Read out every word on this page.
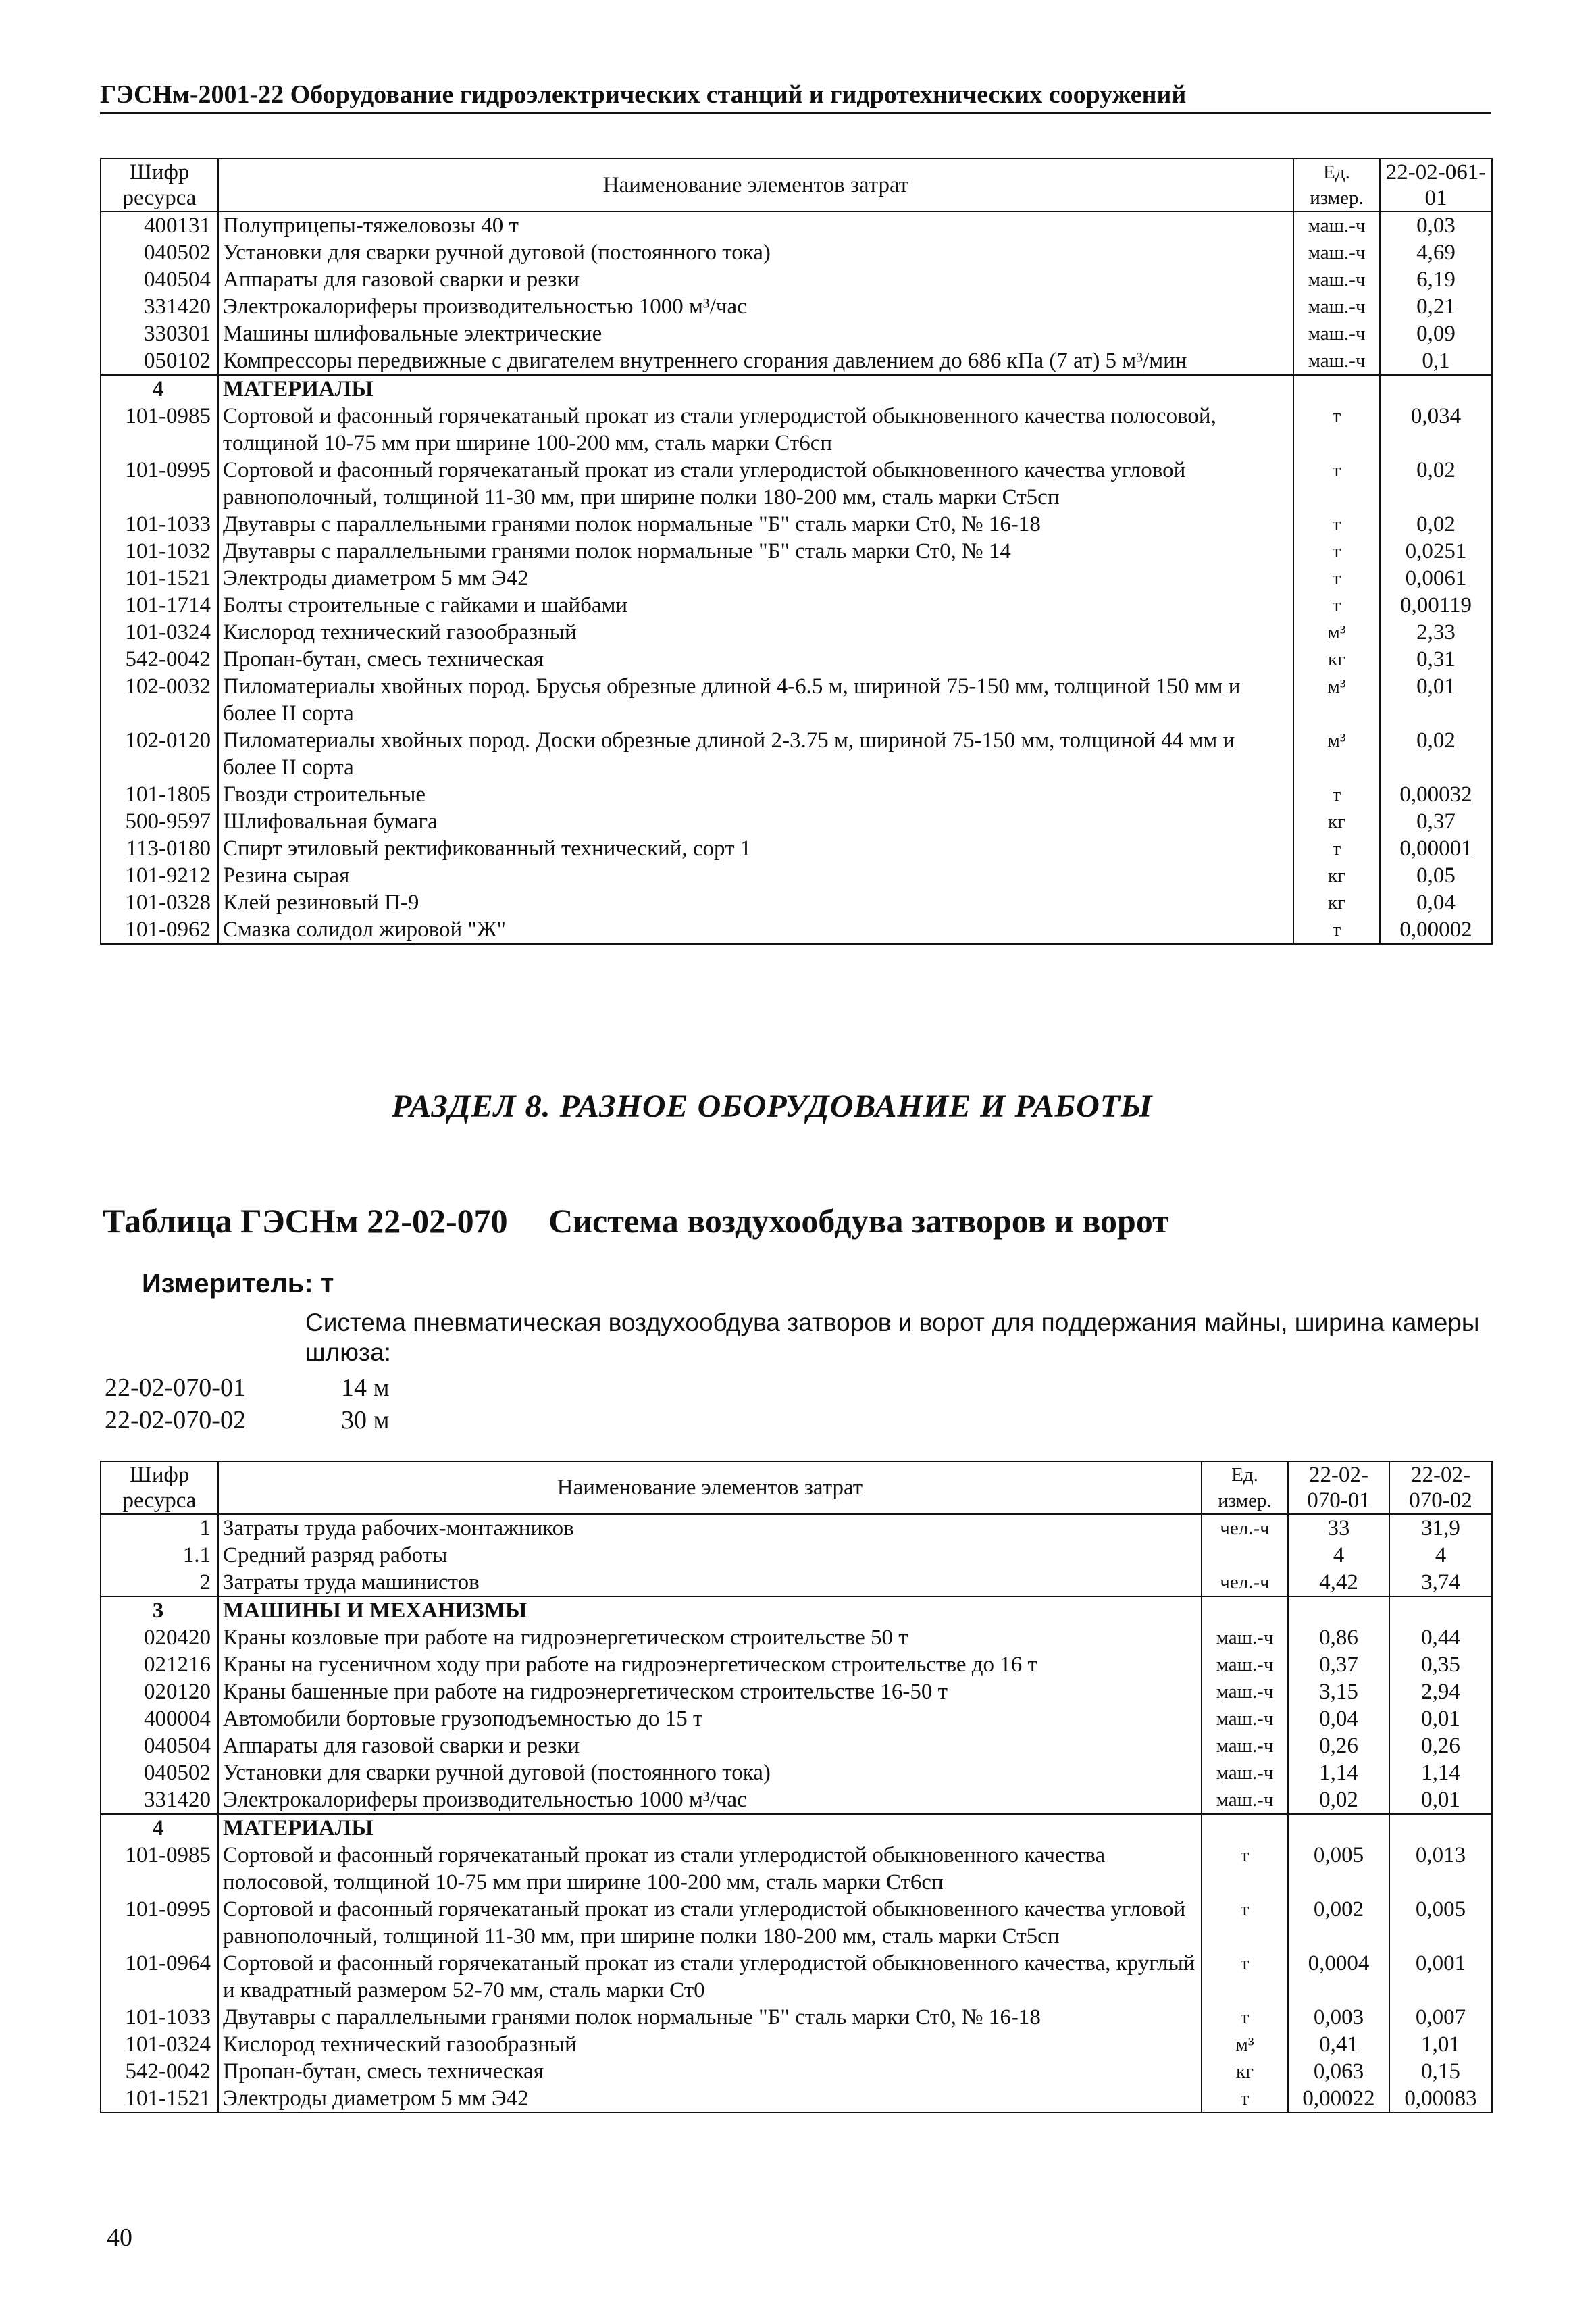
ГЭСНм-2001-22 Оборудование гидроэлектрических станций и гидротехнических сооружений
Шифр ресурса	Наименование элементов затрат	Ед. измер.	22-02-061-01
400131	Полуприцепы-тяжеловозы 40 т	маш.-ч	0,03
040502	Установки для сварки ручной дуговой (постоянного тока)	маш.-ч	4,69
040504	Аппараты для газовой сварки и резки	маш.-ч	6,19
331420	Электрокалориферы производительностью 1000 м³/час	маш.-ч	0,21
330301	Машины шлифовальные электрические	маш.-ч	0,09
050102	Компрессоры передвижные с двигателем внутреннего сгорания давлением до 686 кПа (7 ат) 5 м³/мин	маш.-ч	0,1
4	МАТЕРИАЛЫ		
101-0985	Сортовой и фасонный горячекатаный прокат из стали углеродистой обыкновенного качества полосовой, толщиной 10-75 мм при ширине 100-200 мм, сталь марки Ст6сп	т	0,034
101-0995	Сортовой и фасонный горячекатаный прокат из стали углеродистой обыкновенного качества угловой равнополочный, толщиной 11-30 мм, при ширине полки 180-200 мм, сталь марки Ст5сп	т	0,02
101-1033	Двутавры с параллельными гранями полок нормальные "Б" сталь марки Ст0, № 16-18	т	0,02
101-1032	Двутавры с параллельными гранями полок нормальные "Б" сталь марки Ст0, № 14	т	0,0251
101-1521	Электроды диаметром 5 мм Э42	т	0,0061
101-1714	Болты строительные с гайками и шайбами	т	0,00119
101-0324	Кислород технический газообразный	м³	2,33
542-0042	Пропан-бутан, смесь техническая	кг	0,31
102-0032	Пиломатериалы хвойных пород. Брусья обрезные длиной 4-6.5 м, шириной 75-150 мм, толщиной 150 мм и более II сорта	м³	0,01
102-0120	Пиломатериалы хвойных пород. Доски обрезные длиной 2-3.75 м, шириной 75-150 мм, толщиной 44 мм и более II сорта	м³	0,02
101-1805	Гвозди строительные	т	0,00032
500-9597	Шлифовальная бумага	кг	0,37
113-0180	Спирт этиловый ректификованный технический, сорт 1	т	0,00001
101-9212	Резина сырая	кг	0,05
101-0328	Клей резиновый П-9	кг	0,04
101-0962	Смазка солидол жировой "Ж"	т	0,00002
РАЗДЕЛ 8. РАЗНОЕ ОБОРУДОВАНИЕ И РАБОТЫ
Таблица ГЭСНм 22-02-070 Система воздухообдува затворов и ворот
Измеритель: т
Система пневматическая воздухообдува затворов и ворот для поддержания майны, ширина камеры шлюза:
22-02-070-01	14 м
22-02-070-02	30 м
Шифр ресурса	Наименование элементов затрат	Ед. измер.	22-02-070-01	22-02-070-02
1	Затраты труда рабочих-монтажников	чел.-ч	33	31,9
1.1	Средний разряд работы		4	4
2	Затраты труда машинистов	чел.-ч	4,42	3,74
3	МАШИНЫ И МЕХАНИЗМЫ			
020420	Краны козловые при работе на гидроэнергетическом строительстве 50 т	маш.-ч	0,86	0,44
021216	Краны на гусеничном ходу при работе на гидроэнергетическом строительстве до 16 т	маш.-ч	0,37	0,35
020120	Краны башенные при работе на гидроэнергетическом строительстве 16-50 т	маш.-ч	3,15	2,94
400004	Автомобили бортовые грузоподъемностью до 15 т	маш.-ч	0,04	0,01
040504	Аппараты для газовой сварки и резки	маш.-ч	0,26	0,26
040502	Установки для сварки ручной дуговой (постоянного тока)	маш.-ч	1,14	1,14
331420	Электрокалориферы производительностью 1000 м³/час	маш.-ч	0,02	0,01
4	МАТЕРИАЛЫ			
101-0985	Сортовой и фасонный горячекатаный прокат из стали углеродистой обыкновенного качества полосовой, толщиной 10-75 мм при ширине 100-200 мм, сталь марки Ст6сп	т	0,005	0,013
101-0995	Сортовой и фасонный горячекатаный прокат из стали углеродистой обыкновенного качества угловой равнополочный, толщиной 11-30 мм, при ширине полки 180-200 мм, сталь марки Ст5сп	т	0,002	0,005
101-0964	Сортовой и фасонный горячекатаный прокат из стали углеродистой обыкновенного качества, круглый и квадратный размером 52-70 мм, сталь марки Ст0	т	0,0004	0,001
101-1033	Двутавры с параллельными гранями полок нормальные "Б" сталь марки Ст0, № 16-18	т	0,003	0,007
101-0324	Кислород технический газообразный	м³	0,41	1,01
542-0042	Пропан-бутан, смесь техническая	кг	0,063	0,15
101-1521	Электроды диаметром 5 мм Э42	т	0,00022	0,00083
40
